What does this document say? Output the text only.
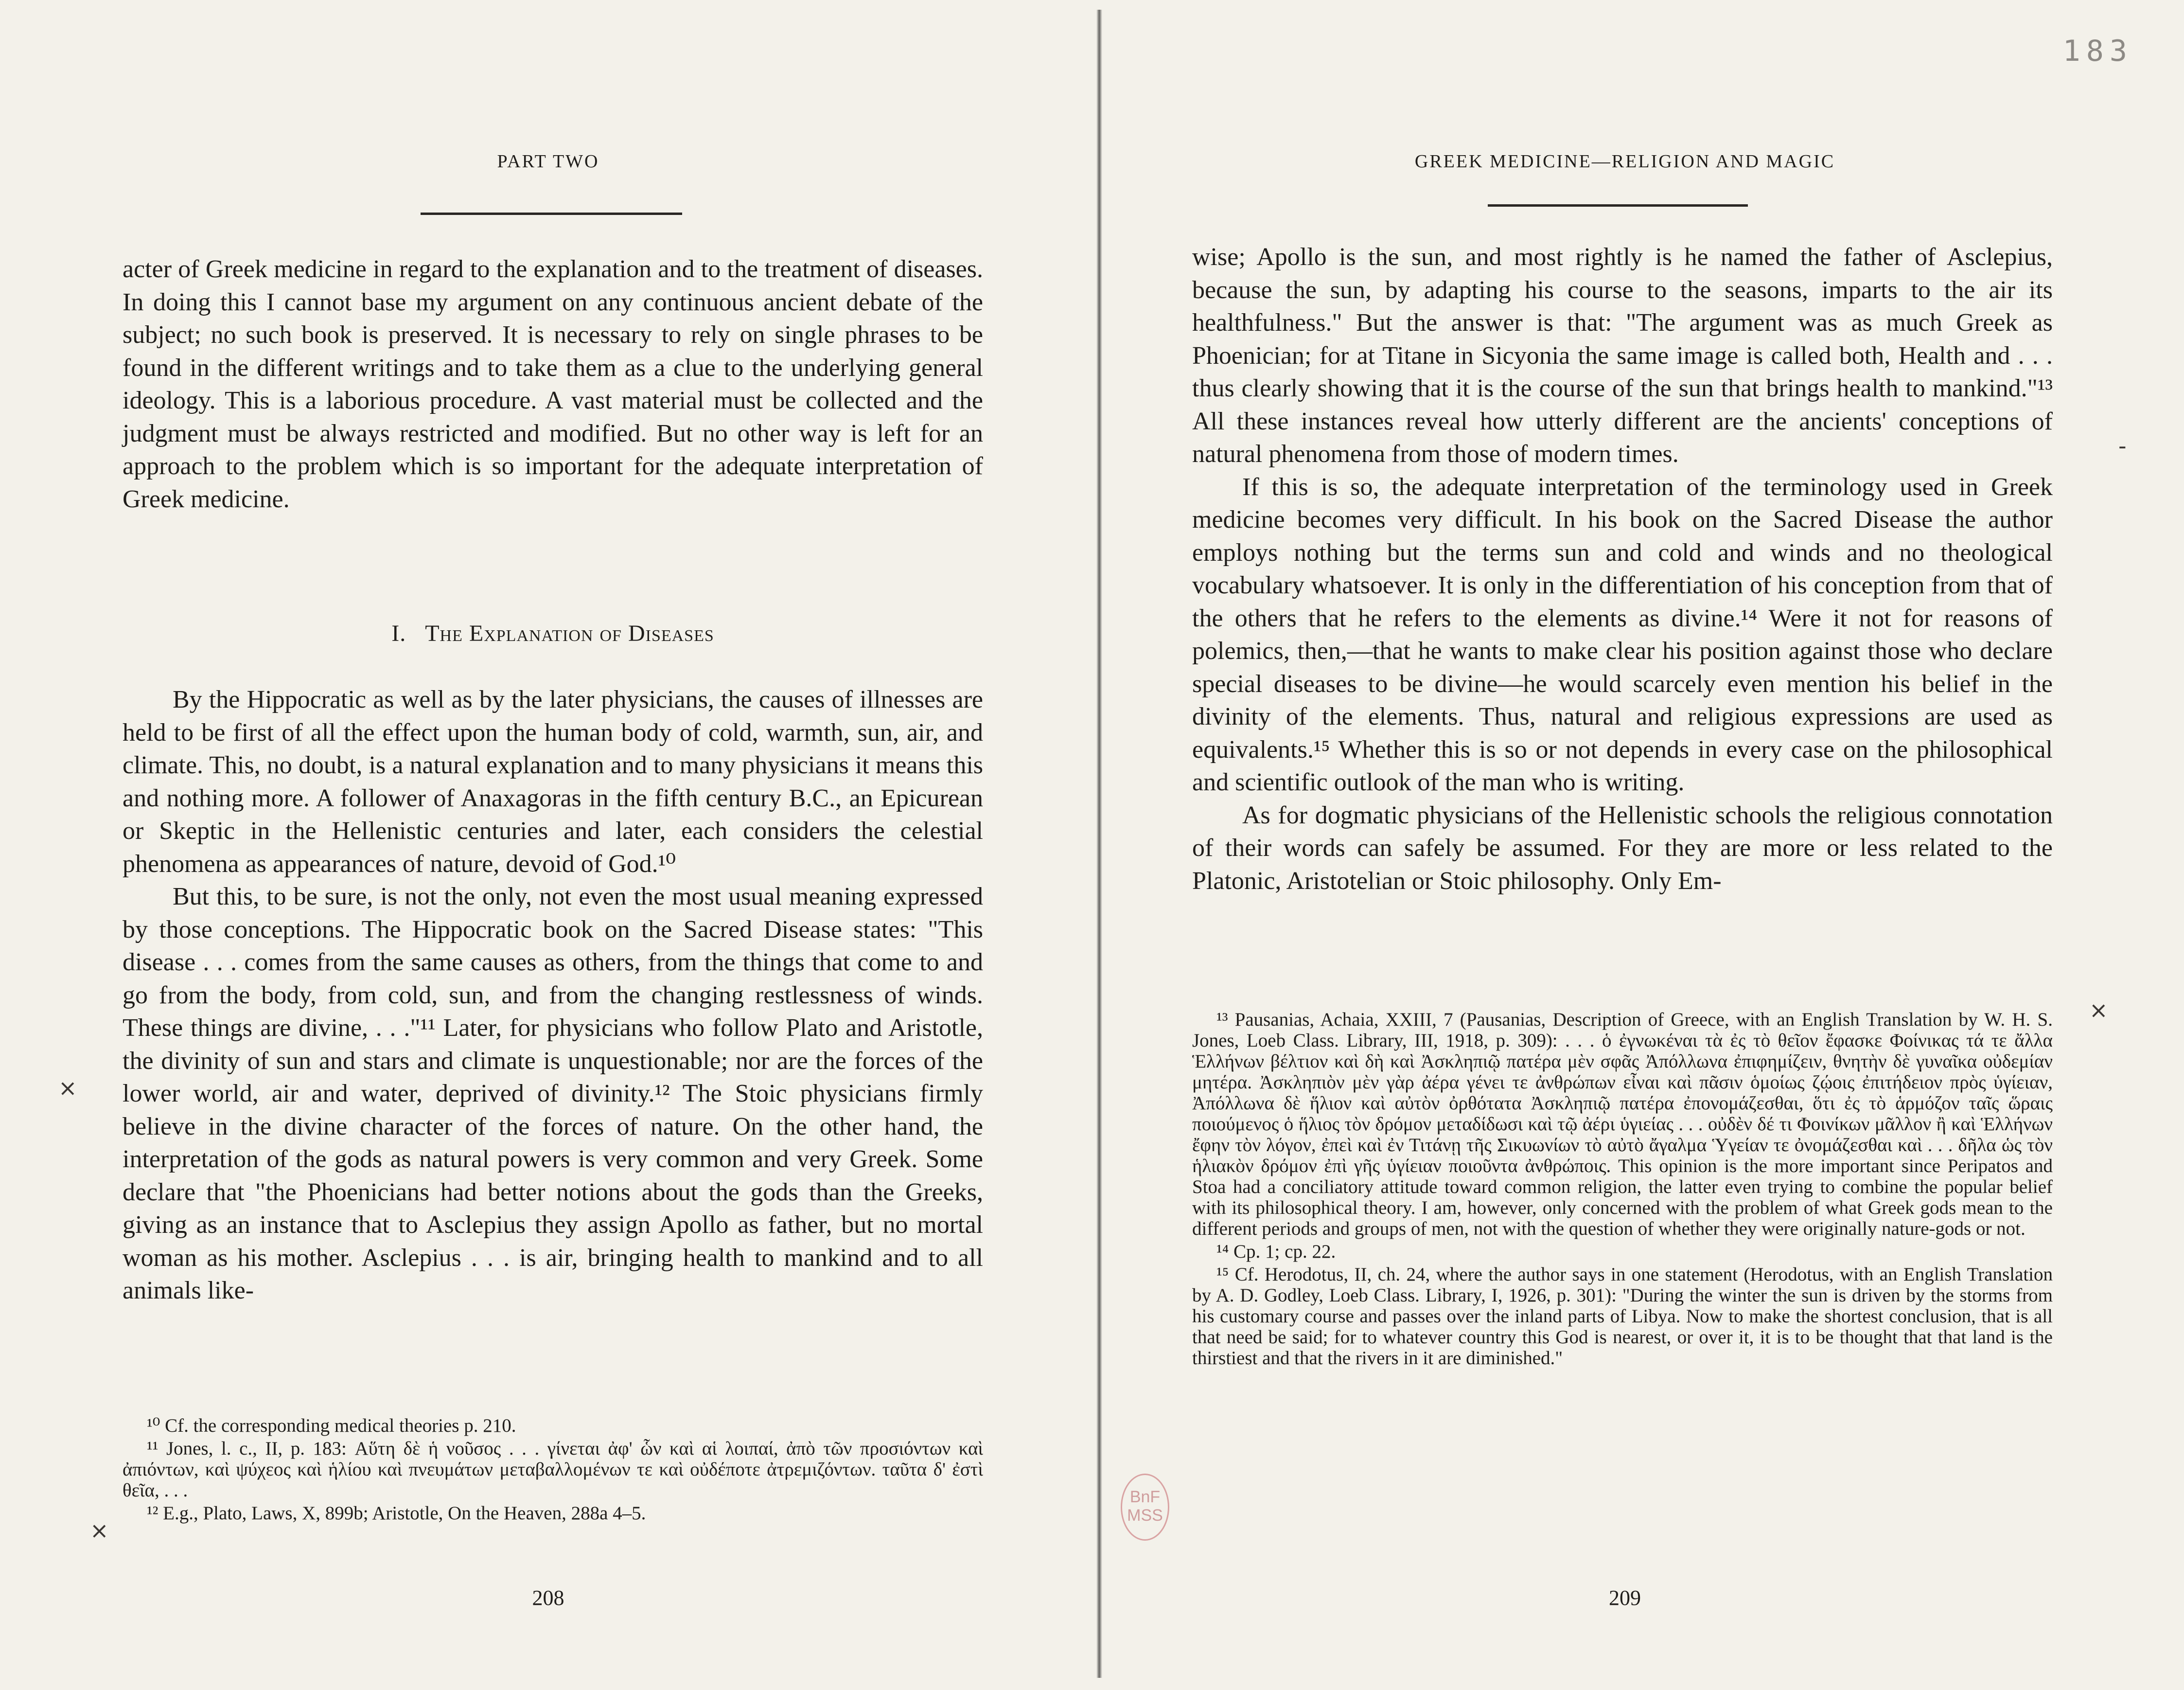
PART TWO

acter of Greek medicine in regard to the explanation and to the treatment of diseases. In doing this I cannot base my argument on any continuous ancient debate of the subject; no such book is preserved. It is necessary to rely on single phrases to be found in the different writings and to take them as a clue to the underlying general ideology. This is a laborious procedure. A vast material must be collected and the judgment must be always restricted and modified. But no other way is left for an approach to the problem which is so important for the adequate interpretation of Greek medicine.

I. The Explanation of Diseases

By the Hippocratic as well as by the later physicians, the causes of illnesses are held to be first of all the effect upon the human body of cold, warmth, sun, air, and climate. This, no doubt, is a natural explanation and to many physicians it means this and nothing more. A follower of Anaxagoras in the fifth century B.C., an Epicurean or Skeptic in the Hellenistic centuries and later, each considers the celestial phenomena as appearances of nature, devoid of God.¹⁰

But this, to be sure, is not the only, not even the most usual meaning expressed by those conceptions. The Hippocratic book on the Sacred Disease states: "This disease . . . comes from the same causes as others, from the things that come to and go from the body, from cold, sun, and from the changing restlessness of winds. These things are divine, . . ."¹¹ Later, for physicians who follow Plato and Aristotle, the divinity of sun and stars and climate is unquestionable; nor are the forces of the lower world, air and water, deprived of divinity.¹² The Stoic physicians firmly believe in the divine character of the forces of nature. On the other hand, the interpretation of the gods as natural powers is very common and very Greek. Some declare that "the Phoenicians had better notions about the gods than the Greeks, giving as an instance that to Asclepius they assign Apollo as father, but no mortal woman as his mother. Asclepius . . . is air, bringing health to mankind and to all animals like-

¹⁰ Cf. the corresponding medical theories p. 210.

¹¹ Jones, l. c., II, p. 183: Αὕτη δὲ ἡ νοῦσος . . . γίνεται ἀφ' ὧν καὶ αἱ λοιπαί, ἀπὸ τῶν προσιόντων καὶ ἀπιόντων, καὶ ψύχεος καὶ ἡλίου καὶ πνευμάτων μεταβαλλομένων τε καὶ οὐδέποτε ἀτρεμιζόντων. ταῦτα δ' ἐστὶ θεῖα, . . .

¹² E.g., Plato, Laws, X, 899b; Aristotle, On the Heaven, 288a 4–5.

208
×
×
183
GREEK MEDICINE—RELIGION AND MAGIC

wise; Apollo is the sun, and most rightly is he named the father of Asclepius, because the sun, by adapting his course to the seasons, imparts to the air its healthfulness." But the answer is that: "The argument was as much Greek as Phoenician; for at Titane in Sicyonia the same image is called both, Health and . . . thus clearly showing that it is the course of the sun that brings health to mankind."¹³ All these instances reveal how utterly different are the ancients' conceptions of natural phenomena from those of modern times.

If this is so, the adequate interpretation of the terminology used in Greek medicine becomes very difficult. In his book on the Sacred Disease the author employs nothing but the terms sun and cold and winds and no theological vocabulary whatsoever. It is only in the differentiation of his conception from that of the others that he refers to the elements as divine.¹⁴ Were it not for reasons of polemics, then,—that he wants to make clear his position against those who declare special diseases to be divine—he would scarcely even mention his belief in the divinity of the elements. Thus, natural and religious expressions are used as equivalents.¹⁵ Whether this is so or not depends in every case on the philosophical and scientific outlook of the man who is writing.

As for dogmatic physicians of the Hellenistic schools the religious connotation of their words can safely be assumed. For they are more or less related to the Platonic, Aristotelian or Stoic philosophy. Only Em-

¹³ Pausanias, Achaia, XXIII, 7 (Pausanias, Description of Greece, with an English Translation by W. H. S. Jones, Loeb Class. Library, III, 1918, p. 309): . . . ὁ ἐγνωκέναι τὰ ἐς τὸ θεῖον ἔφασκε Φοίνικας τά τε ἄλλα Ἑλλήνων βέλτιον καὶ δὴ καὶ Ἀσκληπιῷ πατέρα μὲν σφᾶς Ἀπόλλωνα ἐπιφημίζειν, θνητὴν δὲ γυναῖκα οὐδεμίαν μητέρα. Ἀσκληπιὸν μὲν γὰρ ἀέρα γένει τε ἀνθρώπων εἶναι καὶ πᾶσιν ὁμοίως ζῴοις ἐπιτήδειον πρὸς ὑγίειαν, Ἀπόλλωνα δὲ ἥλιον καὶ αὐτὸν ὀρθότατα Ἀσκληπιῷ πατέρα ἐπονομάζεσθαι, ὅτι ἐς τὸ ἁρμόζον ταῖς ὥραις ποιούμενος ὁ ἥλιος τὸν δρόμον μεταδίδωσι καὶ τῷ ἀέρι ὑγιείας . . . οὐδὲν δέ τι Φοινίκων μᾶλλον ἢ καὶ Ἑλλήνων ἔφην τὸν λόγον, ἐπεὶ καὶ ἐν Τιτάνῃ τῆς Σικυωνίων τὸ αὐτὸ ἄγαλμα Ὑγείαν τε ὀνομάζεσθαι καὶ . . . δῆλα ὡς τὸν ἡλιακὸν δρόμον ἐπὶ γῆς ὑγίειαν ποιοῦντα ἀνθρώποις. This opinion is the more important since Peripatos and Stoa had a conciliatory attitude toward common religion, the latter even trying to combine the popular belief with its philosophical theory. I am, however, only concerned with the problem of what Greek gods mean to the different periods and groups of men, not with the question of whether they were originally nature-gods or not.

¹⁴ Cp. 1; cp. 22.

¹⁵ Cf. Herodotus, II, ch. 24, where the author says in one statement (Herodotus, with an English Translation by A. D. Godley, Loeb Class. Library, I, 1926, p. 301): "During the winter the sun is driven by the storms from his customary course and passes over the inland parts of Libya. Now to make the shortest conclusion, that is all that need be said; for to whatever country this God is nearest, or over it, it is to be thought that that land is the thirstiest and that the rivers in it are diminished."

209
×
-
BnF
MSS
